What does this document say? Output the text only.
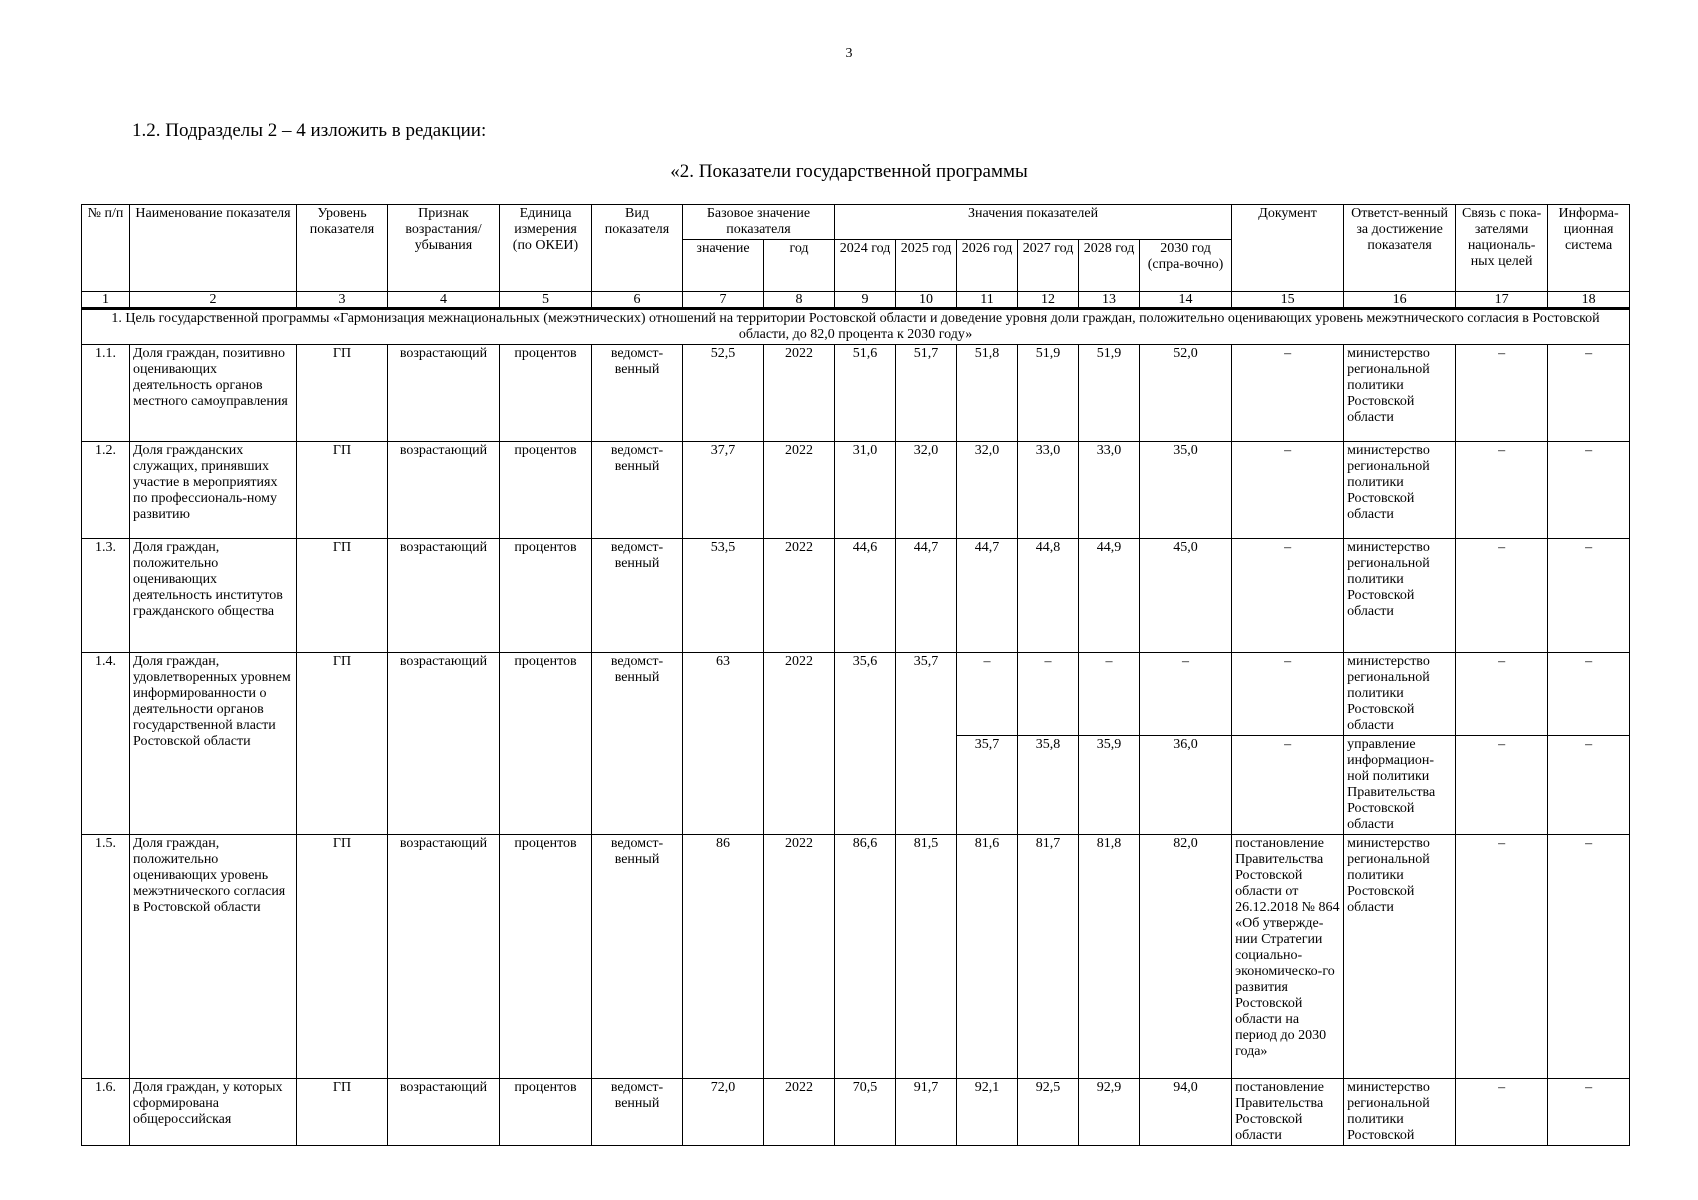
3
1.2. Подразделы 2 – 4 изложить в редакции:
«2. Показатели государственной программы
№ п/п	Наименование показателя	Уровень показателя	Признак возрастания/ убывания	Единица измерения (по ОКЕИ)	Вид показателя	Базовое значение показателя		Значения показателей						Документ	Ответст-венный за достижение показателя	Связь с пока-зателями националь-ных целей	Информа-ционная система
						значение	год	2024 год	2025 год	2026 год	2027 год	2028 год	2030 год (спра-вочно)				
1	2	3	4	5	6	7	8	9	10	11	12	13	14	15	16	17	18
1. Цель государственной программы «Гармонизация межнациональных (межэтнических) отношений на территории Ростовской области и доведение уровня доли граждан, положительно оценивающих уровень межэтнического согласия в Ростовской области, до 82,0 процента к 2030 году»																	
1.1.	Доля граждан, позитивно оценивающих деятельность органов местного самоуправления	ГП	возрастающий	процентов	ведомст-венный	52,5	2022	51,6	51,7	51,8	51,9	51,9	52,0	–	министерство региональной политики Ростовской области	–	–
1.2.	Доля гражданских служащих, принявших участие в мероприятиях по профессиональ-ному развитию	ГП	возрастающий	процентов	ведомст-венный	37,7	2022	31,0	32,0	32,0	33,0	33,0	35,0	–	министерство региональной политики Ростовской области	–	–
1.3.	Доля граждан, положительно оценивающих деятельность институтов гражданского общества	ГП	возрастающий	процентов	ведомст-венный	53,5	2022	44,6	44,7	44,7	44,8	44,9	45,0	–	министерство региональной политики Ростовской области	–	–
1.4.	Доля граждан, удовлетворенных уровнем информированности о деятельности органов государственной власти Ростовской области	ГП	возрастающий	процентов	ведомст-венный	63	2022	35,6	35,7	–	–	–	–	–	министерство региональной политики Ростовской области	–	–
										35,7	35,8	35,9	36,0	–	управление информацион-ной политики Правительства Ростовской области	–	–
1.5.	Доля граждан, положительно оценивающих уровень межэтнического согласия в Ростовской области	ГП	возрастающий	процентов	ведомст-венный	86	2022	86,6	81,5	81,6	81,7	81,8	82,0	постановление Правительства Ростовской области от 26.12.2018 № 864 «Об утвержде-нии Стратегии социально-экономическо-го развития Ростовской области на период до 2030 года»	министерство региональной политики Ростовской области	–	–
1.6.	Доля граждан, у которых сформирована общероссийская	ГП	возрастающий	процентов	ведомст-венный	72,0	2022	70,5	91,7	92,1	92,5	92,9	94,0	постановление Правительства Ростовской области	министерство региональной политики Ростовской	–	–
